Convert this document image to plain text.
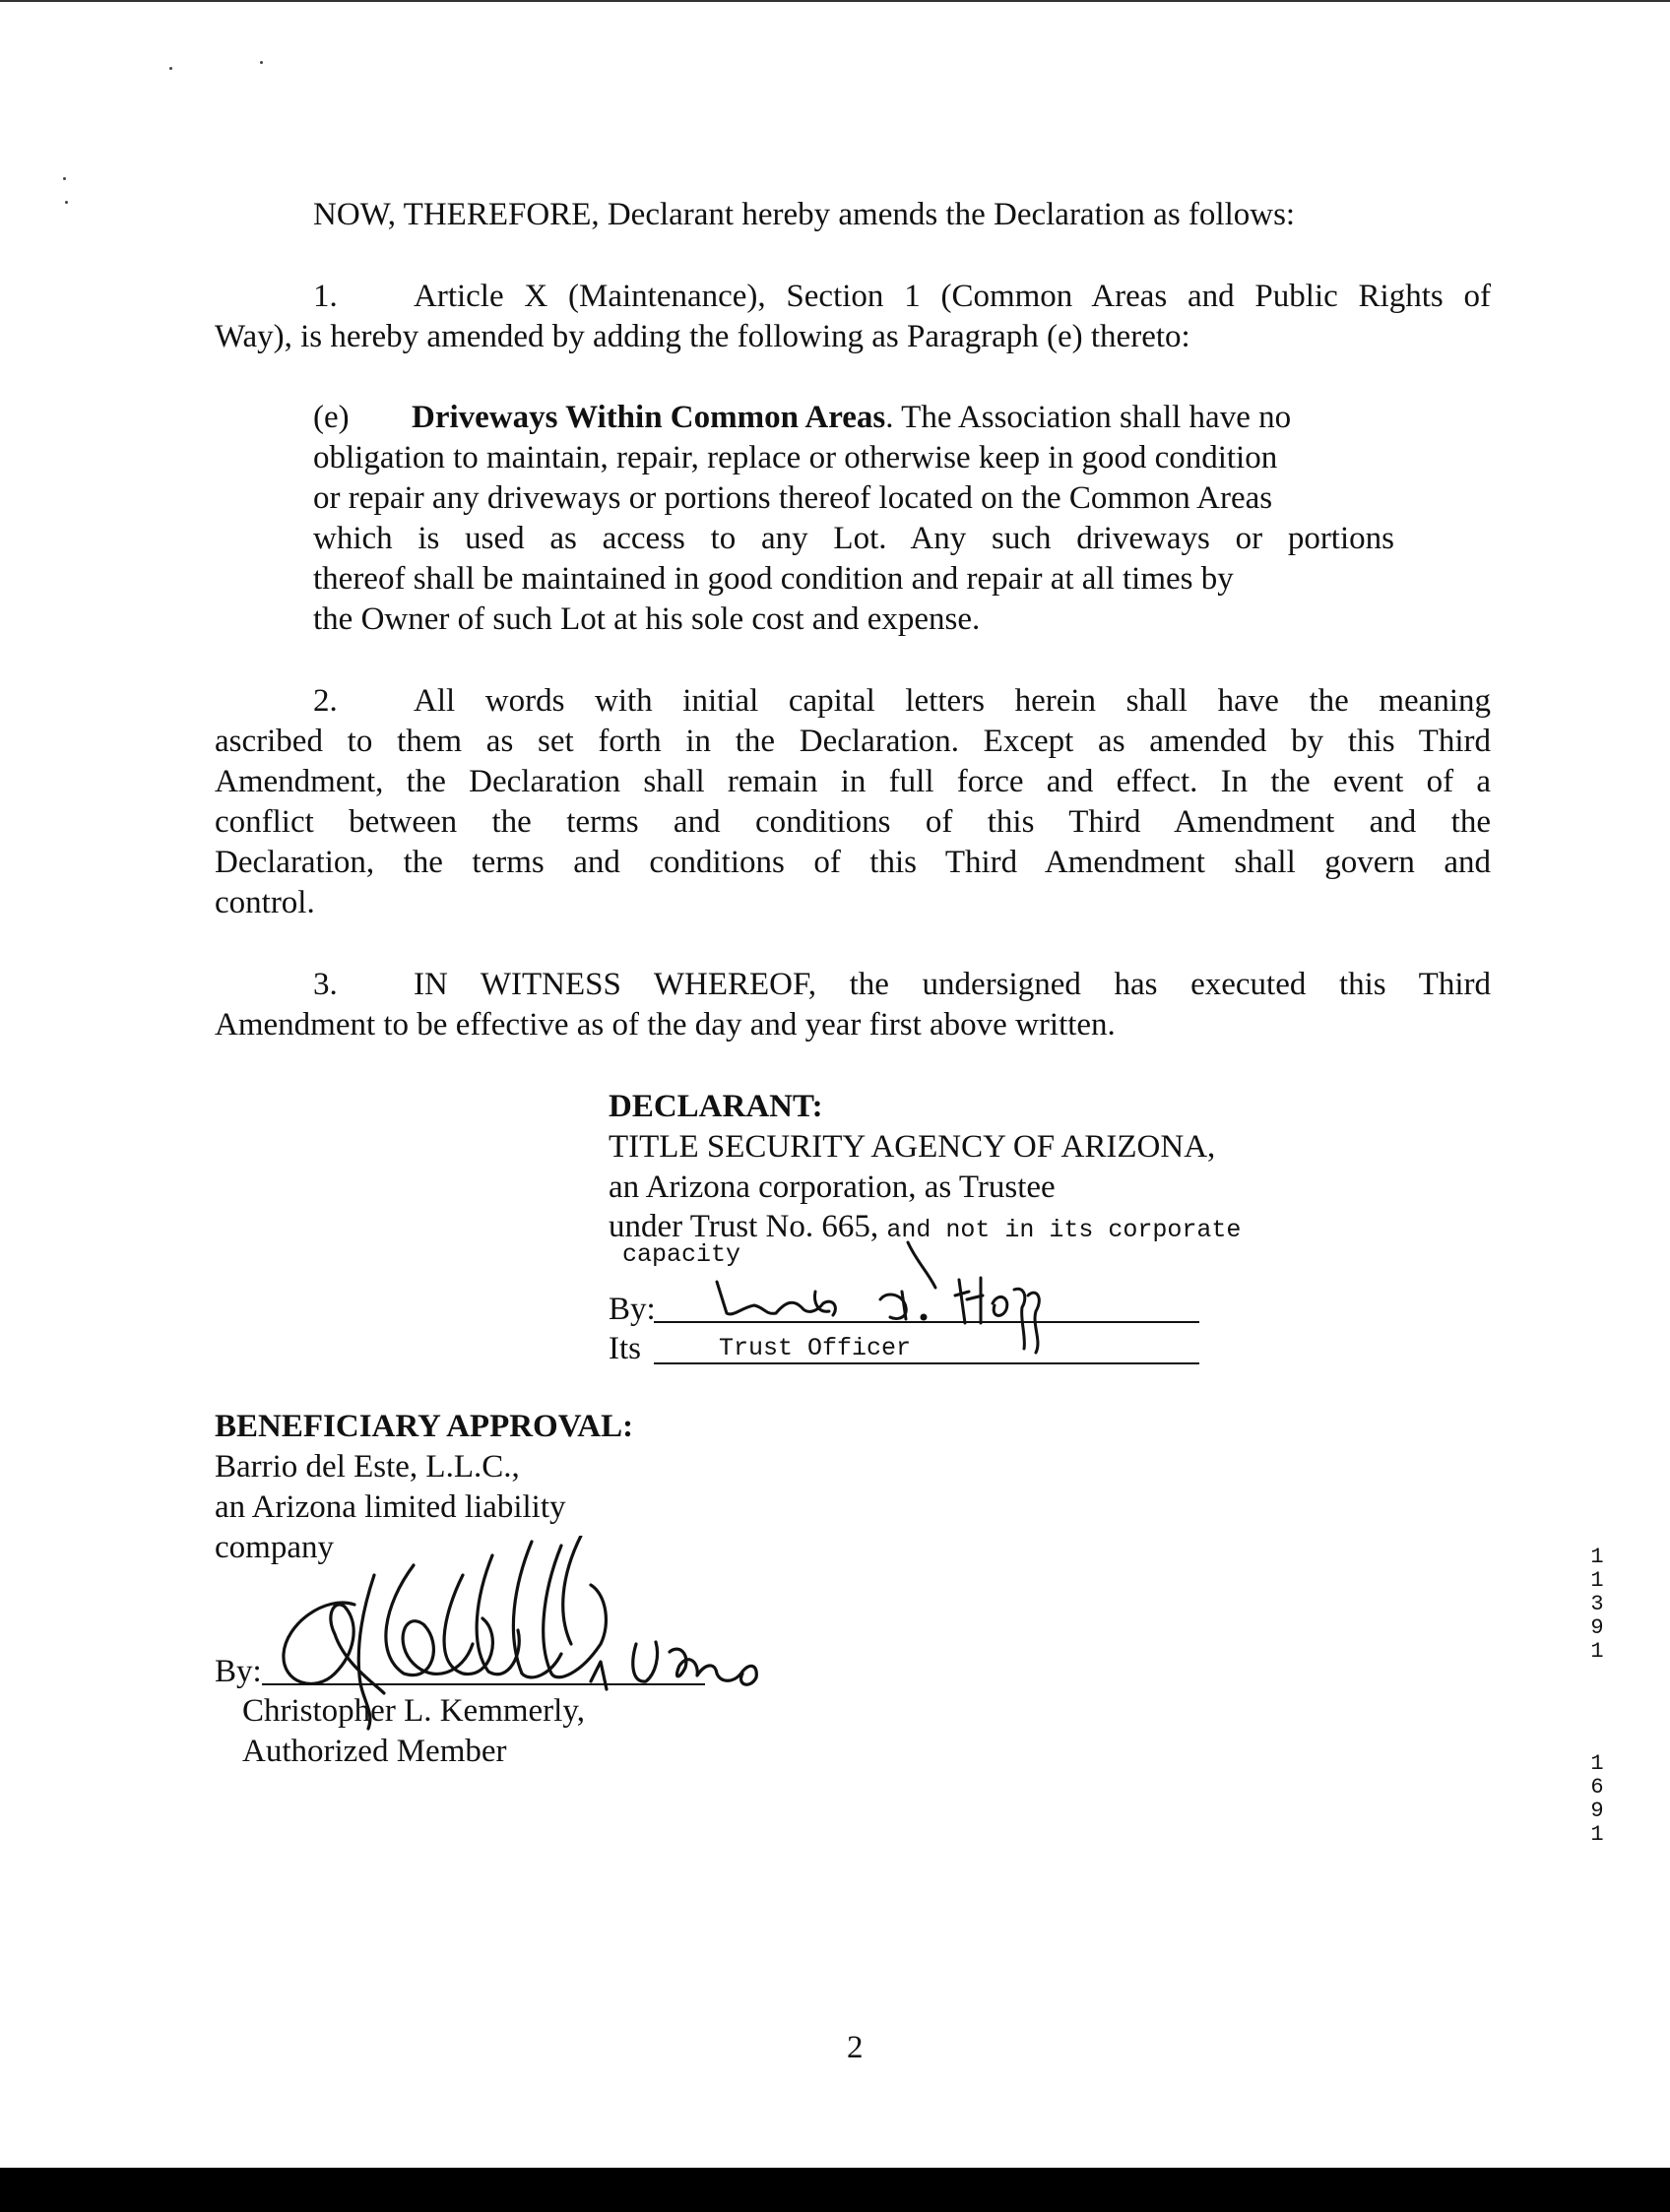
NOW, THEREFORE, Declarant hereby amends the Declaration as follows:
1. Article X (Maintenance), Section 1 (Common Areas and Public Rights of
Way), is hereby amended by adding the following as Paragraph (e) thereto:
(e) Driveways Within Common Areas. The Association shall have no
obligation to maintain, repair, replace or otherwise keep in good condition
or repair any driveways or portions thereof located on the Common Areas
which is used as access to any Lot. Any such driveways or portions
thereof shall be maintained in good condition and repair at all times by
the Owner of such Lot at his sole cost and expense.
2. All words with initial capital letters herein shall have the meaning
ascribed to them as set forth in the Declaration. Except as amended by this Third
Amendment, the Declaration shall remain in full force and effect. In the event of a
conflict between the terms and conditions of this Third Amendment and the
Declaration, the terms and conditions of this Third Amendment shall govern and
control.
3. IN WITNESS WHEREOF, the undersigned has executed this Third
Amendment to be effective as of the day and year first above written.
DECLARANT:
TITLE SECURITY AGENCY OF ARIZONA,
an Arizona corporation, as Trustee
under Trust No. 665, and not in its corporate
capacity
By:
Its	Trust Officer
BENEFICIARY APPROVAL:
Barrio del Este, L.L.C.,
an Arizona limited liability
company
By:
Christopher L. Kemmerly,
Authorized Member
1
1
3
9
1
1
6
9
1
2
